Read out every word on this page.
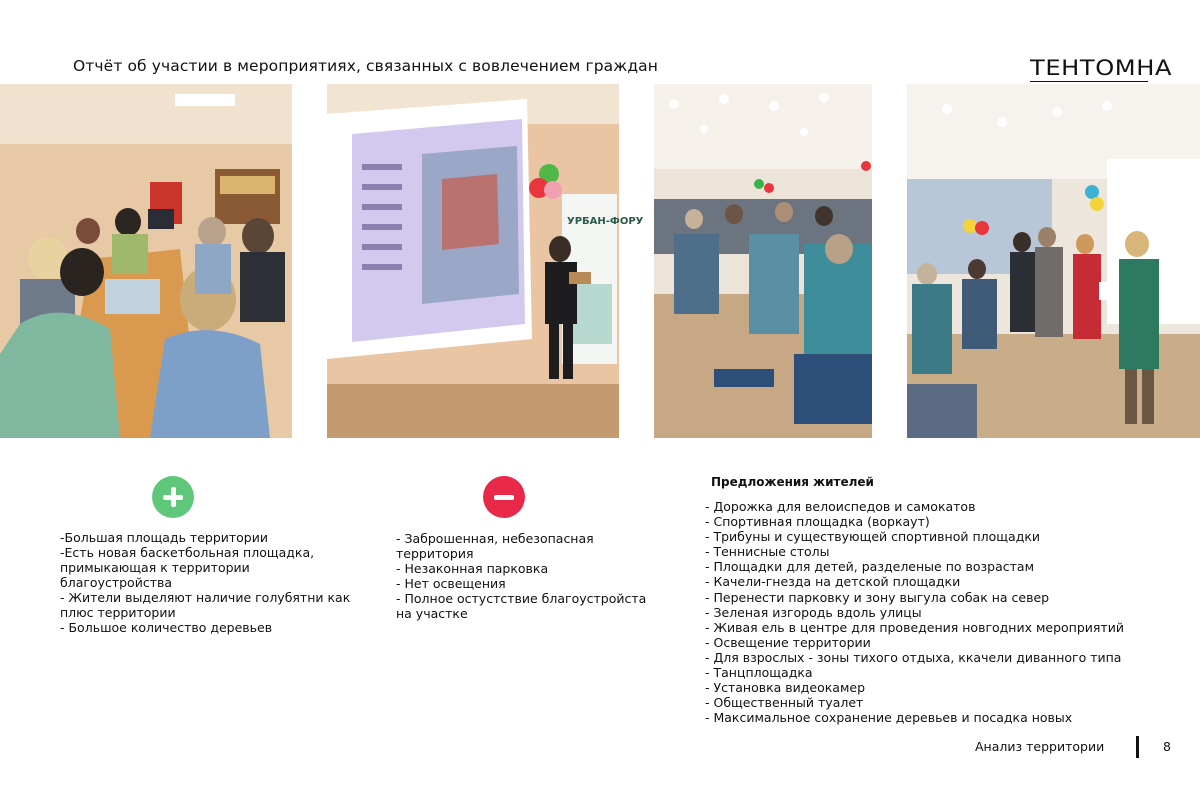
Отчёт об участии в мероприятиях, связанных с вовлечением граждан	TEHTOMHA
УРБАН-ФОРУ
-Большая площадь территории
-Есть новая баскетбольная площадка,
примыкающая к территории
благоустройства
- Жители выделяют наличие голубятни как
плюс территории
- Большое количество деревьев
- Заброшенная, небезопасная
территория
- Незаконная парковка
- Нет освещения
- Полное остустствие благоустройста
на участке
Предложения жителей
- Дорожка для велоиспедов и самокатов
- Спортивная площадка (воркаут)
- Трибуны и существующей спортивной площадки
- Теннисные столы
- Площадки для детей, разделеные по возрастам
- Качели-гнезда на детской площадки
- Перенести парковку и зону выгула собак на север
- Зеленая изгородь вдоль улицы
- Живая ель в центре для проведения новгодних мероприятий
- Освещение территории
- Для взрослых - зоны тихого отдыха, ккачели диванного типа
- Танцплощадка
- Установка видеокамер
- Общественный туалет
- Максимальное сохранение деревьев и посадка новых
Анализ территории	8
